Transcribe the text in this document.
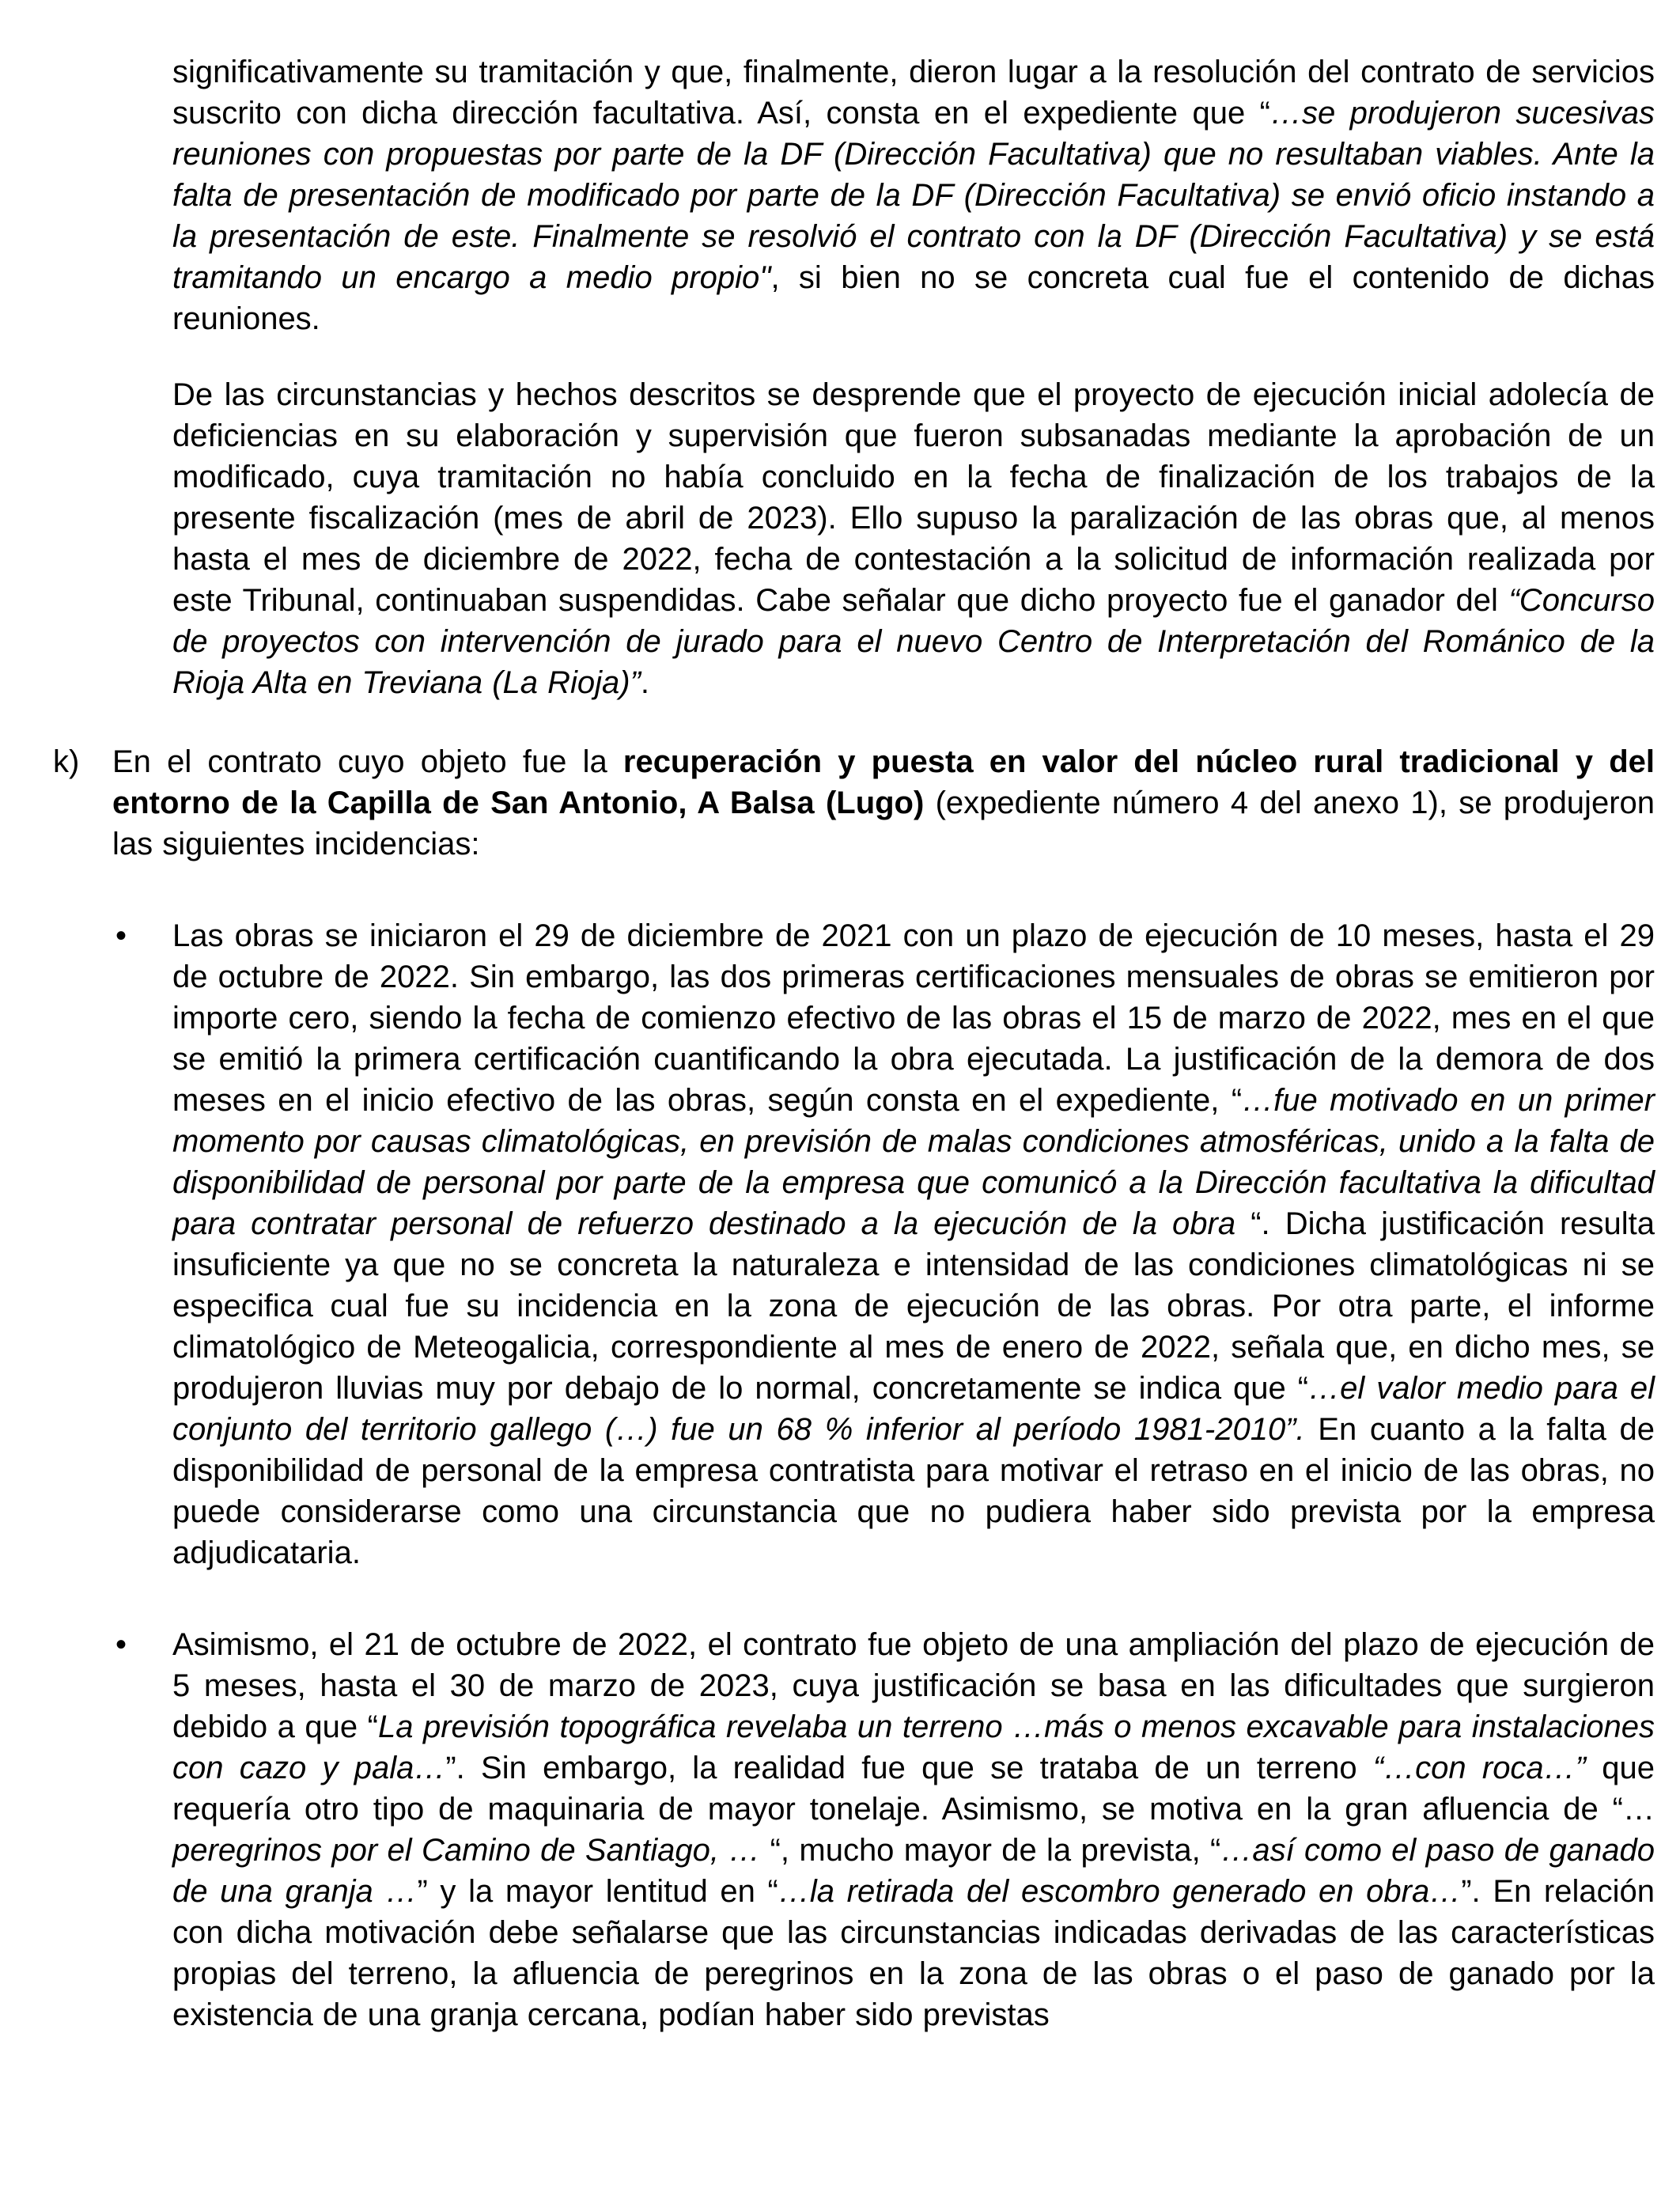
significativamente su tramitación y que, finalmente, dieron lugar a la resolución del contrato de servicios suscrito con dicha dirección facultativa. Así, consta en el expediente que “…se produjeron sucesivas reuniones con propuestas por parte de la DF (Dirección Facultativa) que no resultaban viables. Ante la falta de presentación de modificado por parte de la DF (Dirección Facultativa) se envió oficio instando a la presentación de este. Finalmente se resolvió el contrato con la DF (Dirección Facultativa) y se está tramitando un encargo a medio propio", si bien no se concreta cual fue el contenido de dichas reuniones.

De las circunstancias y hechos descritos se desprende que el proyecto de ejecución inicial adolecía de deficiencias en su elaboración y supervisión que fueron subsanadas mediante la aprobación de un modificado, cuya tramitación no había concluido en la fecha de finalización de los trabajos de la presente fiscalización (mes de abril de 2023). Ello supuso la paralización de las obras que, al menos hasta el mes de diciembre de 2022, fecha de contestación a la solicitud de información realizada por este Tribunal, continuaban suspendidas. Cabe señalar que dicho proyecto fue el ganador del “Concurso de proyectos con intervención de jurado para el nuevo Centro de Interpretación del Románico de la Rioja Alta en Treviana (La Rioja)”.

k)	En el contrato cuyo objeto fue la recuperación y puesta en valor del núcleo rural tradicional y del entorno de la Capilla de San Antonio, A Balsa (Lugo) (expediente número 4 del anexo 1), se produjeron las siguientes incidencias:

•	Las obras se iniciaron el 29 de diciembre de 2021 con un plazo de ejecución de 10 meses, hasta el 29 de octubre de 2022. Sin embargo, las dos primeras certificaciones mensuales de obras se emitieron por importe cero, siendo la fecha de comienzo efectivo de las obras el 15 de marzo de 2022, mes en el que se emitió la primera certificación cuantificando la obra ejecutada. La justificación de la demora de dos meses en el inicio efectivo de las obras, según consta en el expediente, “…fue motivado en un primer momento por causas climatológicas, en previsión de malas condiciones atmosféricas, unido a la falta de disponibilidad de personal por parte de la empresa que comunicó a la Dirección facultativa la dificultad para contratar personal de refuerzo destinado a la ejecución de la obra “. Dicha justificación resulta insuficiente ya que no se concreta la naturaleza e intensidad de las condiciones climatológicas ni se especifica cual fue su incidencia en la zona de ejecución de las obras. Por otra parte, el informe climatológico de Meteogalicia, correspondiente al mes de enero de 2022, señala que, en dicho mes, se produjeron lluvias muy por debajo de lo normal, concretamente se indica que “…el valor medio para el conjunto del territorio gallego (…) fue un 68 % inferior al período 1981-2010”. En cuanto a la falta de disponibilidad de personal de la empresa contratista para motivar el retraso en el inicio de las obras, no puede considerarse como una circunstancia que no pudiera haber sido prevista por la empresa adjudicataria.

•	Asimismo, el 21 de octubre de 2022, el contrato fue objeto de una ampliación del plazo de ejecución de 5 meses, hasta el 30 de marzo de 2023, cuya justificación se basa en las dificultades que surgieron debido a que “La previsión topográfica revelaba un terreno …más o menos excavable para instalaciones con cazo y pala…”. Sin embargo, la realidad fue que se trataba de un terreno “…con roca…” que requería otro tipo de maquinaria de mayor tonelaje. Asimismo, se motiva en la gran afluencia de “… peregrinos por el Camino de Santiago, … “, mucho mayor de la prevista, “…así como el paso de ganado de una granja …” y la mayor lentitud en “…la retirada del escombro generado en obra…”. En relación con dicha motivación debe señalarse que las circunstancias indicadas derivadas de las características propias del terreno, la afluencia de peregrinos en la zona de las obras o el paso de ganado por la existencia de una granja cercana, podían haber sido previstas
